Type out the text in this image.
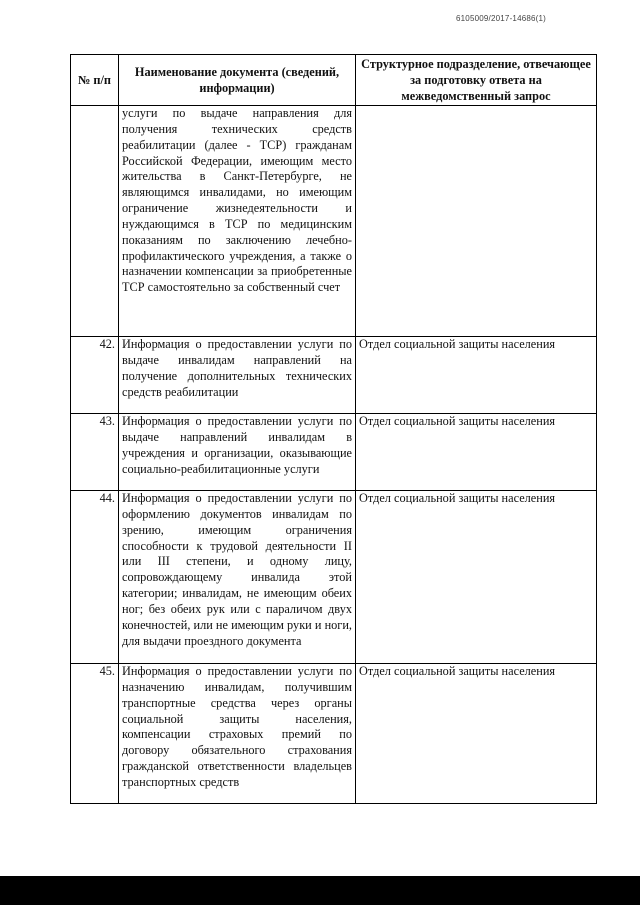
6105009/2017-14686(1)
№ п/п	Наименование документа (сведений, информации)	Структурное подразделение, отвечающее за подготовку ответа на межведомственный запрос
	услуги по выдаче направления для получения технических средств реабилитации (далее - ТСР) гражданам Российской Федерации, имеющим место жительства в Санкт-Петербурге, не являющимся инвалидами, но имеющим ограничение жизнедеятельности и нуждающимся в ТСР по медицинским показаниям по заключению лечебно-профилактического учреждения, а также о назначении компенсации за приобретенные ТСР самостоятельно за собственный счет	
42.	Информация о предоставлении услуги по выдаче инвалидам направлений на получение дополнительных технических средств реабилитации	Отдел социальной защиты населения
43.	Информация о предоставлении услуги по выдаче направлений инвалидам в учреждения и организации, оказывающие социально-реабилитационные услуги	Отдел социальной защиты населения
44.	Информация о предоставлении услуги по оформлению документов инвалидам по зрению, имеющим ограничения способности к трудовой деятельности II или III степени, и одному лицу, сопровождающему инвалида этой категории; инвалидам, не имеющим обеих ног; без обеих рук или с параличом двух конечностей, или не имеющим руки и ноги, для выдачи проездного документа	Отдел социальной защиты населения
45.	Информация о предоставлении услуги по назначению инвалидам, получившим транспортные средства через органы социальной защиты населения, компенсации страховых премий по договору обязательного страхования гражданской ответственности владельцев транспортных средств	Отдел социальной защиты населения
